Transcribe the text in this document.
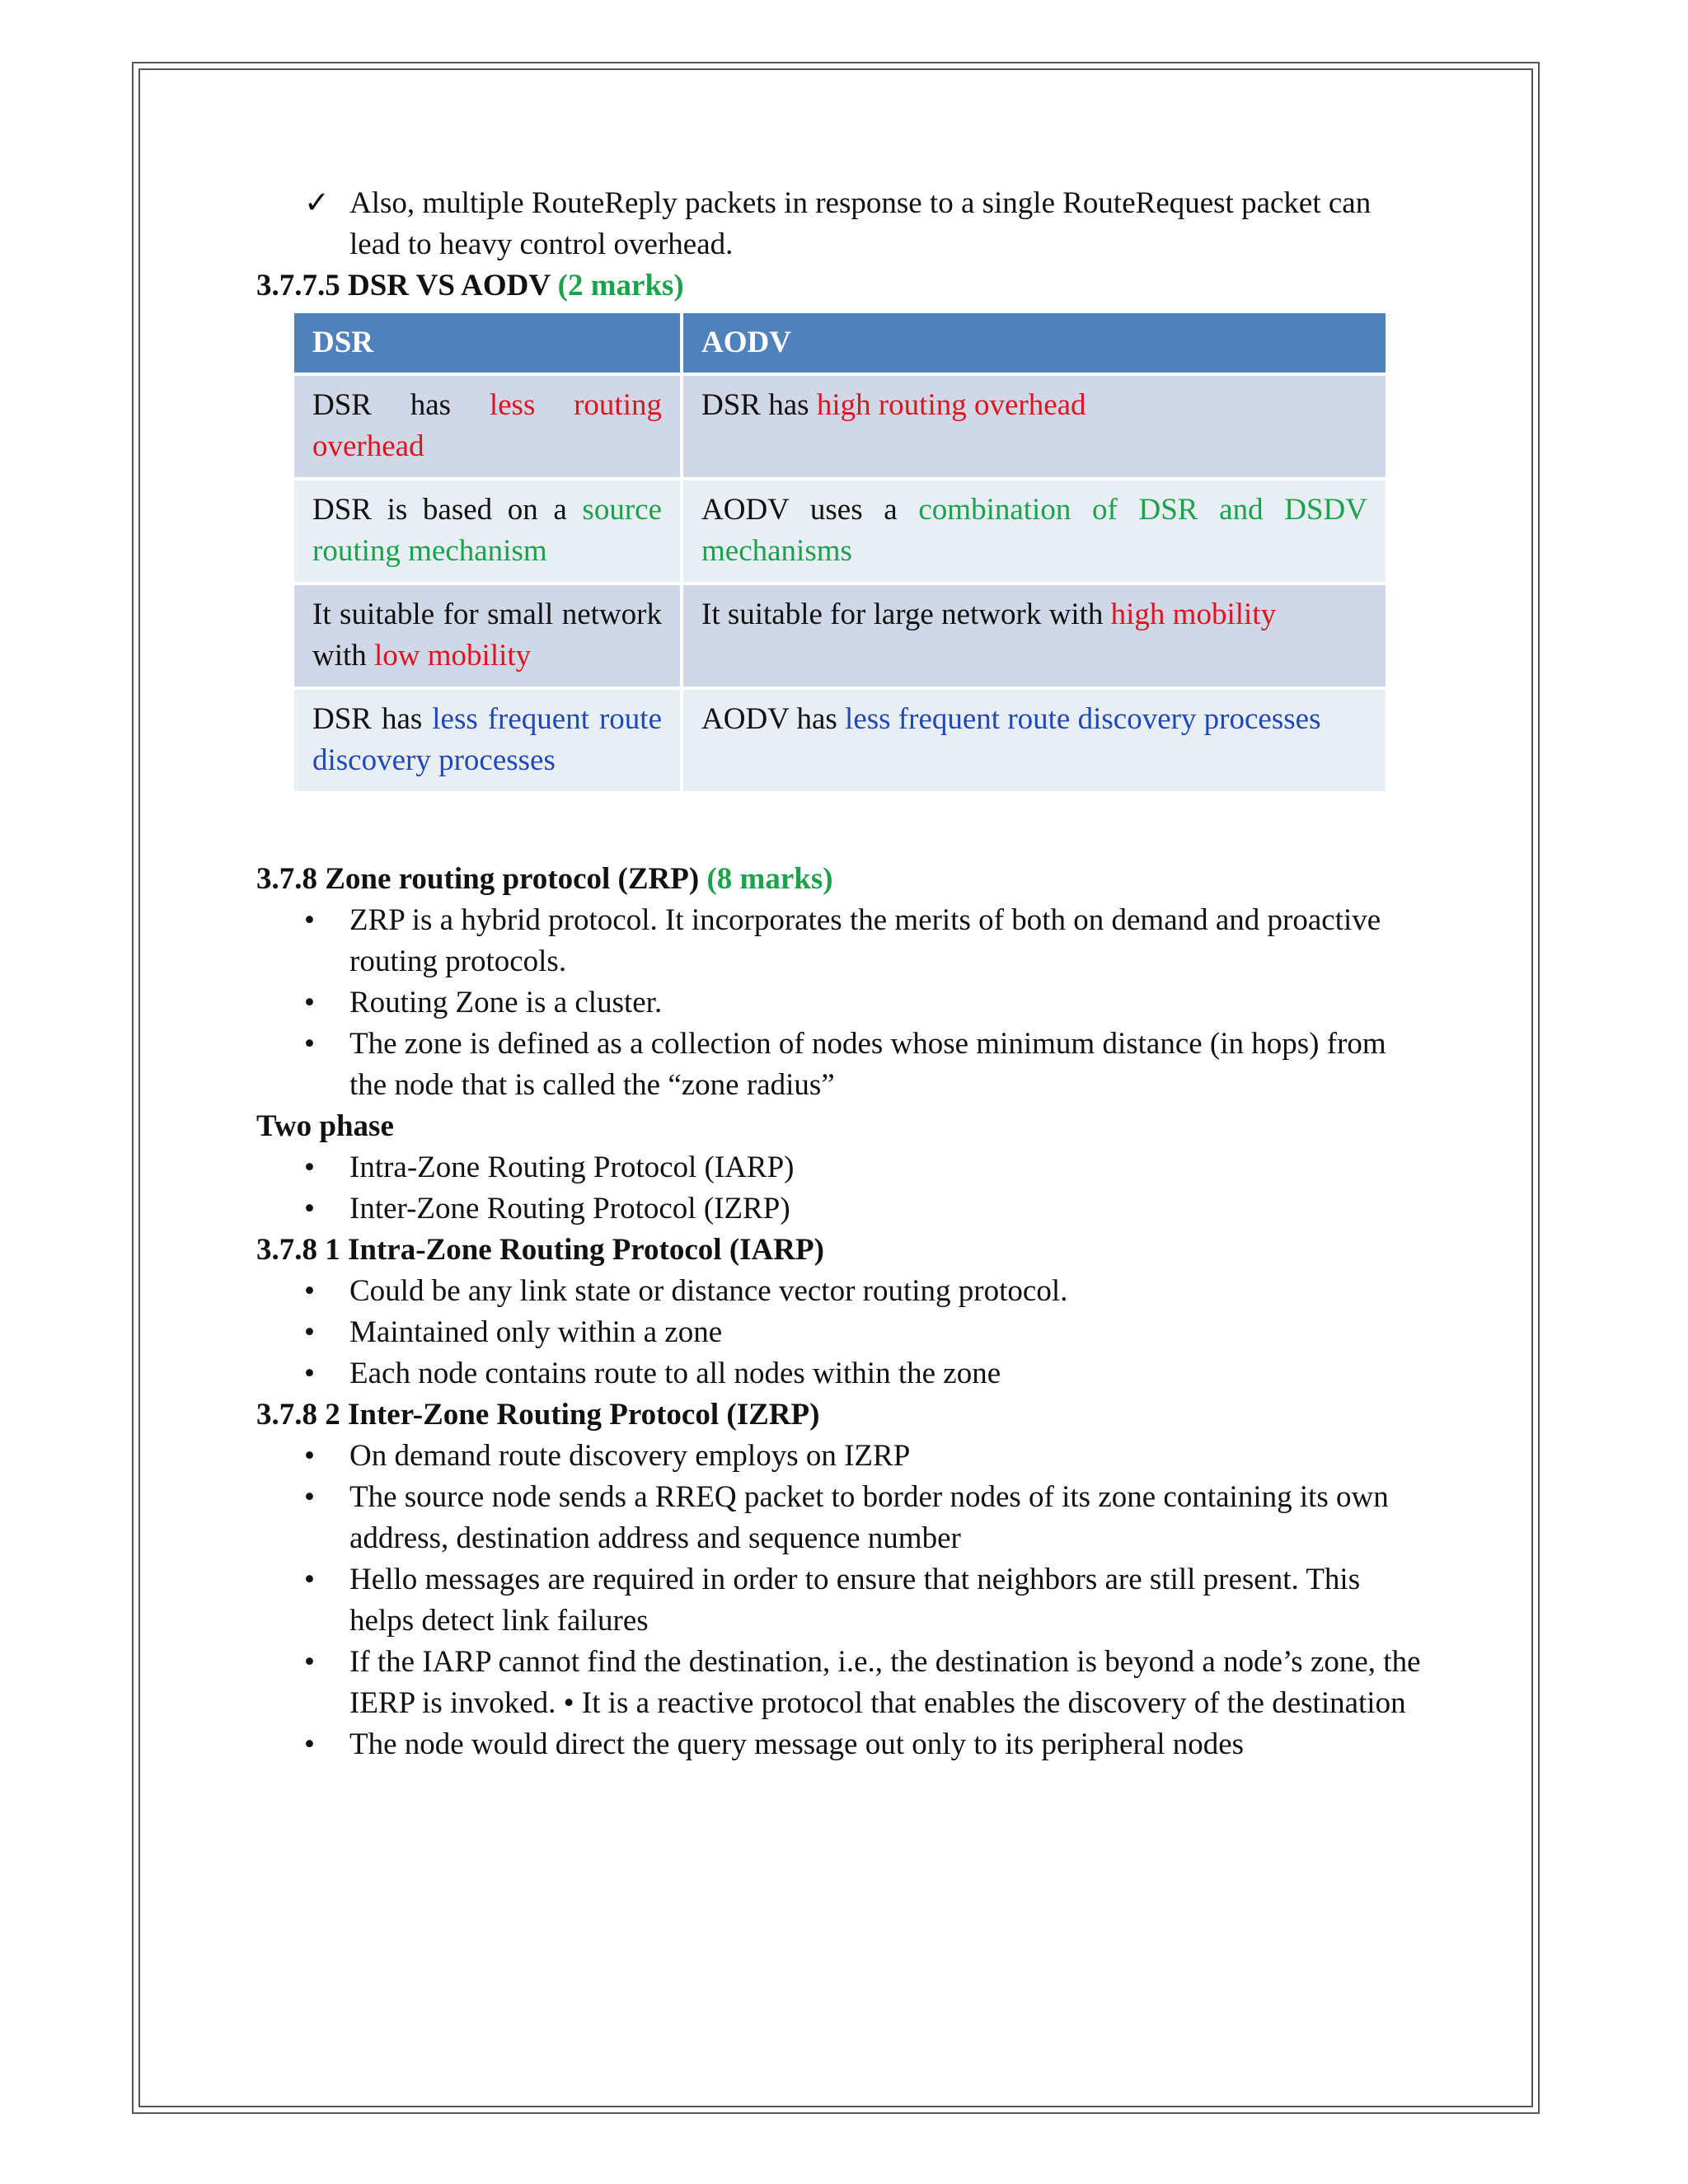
✓ Also, multiple RouteReply packets in response to a single RouteRequest packet can lead to heavy control overhead.
3.7.7.5 DSR VS AODV (2 marks)
DSR	AODV
DSR has less routing overhead	DSR has high routing overhead
DSR is based on a source routing mechanism	AODV uses a combination of DSR and DSDV mechanisms
It suitable for small network with low mobility	It suitable for large network with high mobility
DSR has less frequent route discovery processes	AODV has less frequent route discovery processes
3.7.8 Zone routing protocol (ZRP) (8 marks)
• ZRP is a hybrid protocol. It incorporates the merits of both on demand and proactive routing protocols.
• Routing Zone is a cluster.
• The zone is defined as a collection of nodes whose minimum distance (in hops) from the node that is called the “zone radius”
Two phase
• Intra-Zone Routing Protocol (IARP)
• Inter-Zone Routing Protocol (IZRP)
3.7.8 1 Intra-Zone Routing Protocol (IARP)
• Could be any link state or distance vector routing protocol.
• Maintained only within a zone
• Each node contains route to all nodes within the zone
3.7.8 2 Inter-Zone Routing Protocol (IZRP)
• On demand route discovery employs on IZRP
• The source node sends a RREQ packet to border nodes of its zone containing its own address, destination address and sequence number
• Hello messages are required in order to ensure that neighbors are still present. This helps detect link failures
• If the IARP cannot find the destination, i.e., the destination is beyond a node’s zone, the IERP is invoked. • It is a reactive protocol that enables the discovery of the destination
• The node would direct the query message out only to its peripheral nodes
